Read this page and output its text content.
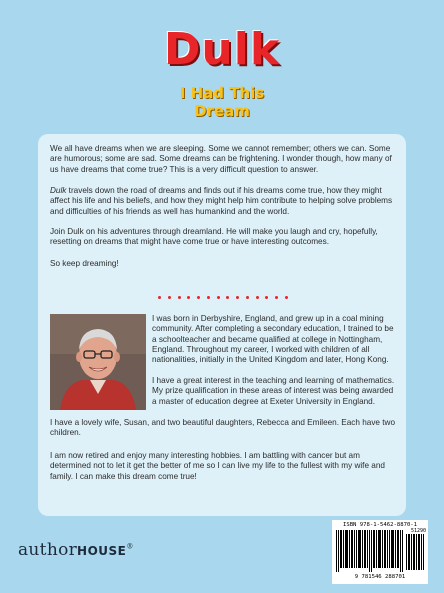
Dulk
I Had This
Dream

We all have dreams when we are sleeping. Some we cannot remember; others we can. Some are humorous; some are sad. Some dreams can be frightening. I wonder though, how many of us have dreams that come true? This is a very difficult question to answer.

Dulk travels down the road of dreams and finds out if his dreams come true, how they might affect his life and his beliefs, and how they might help him contribute to helping solve problems and difficulties of his friends as well has humankind and the world.

Join Dulk on his adventures through dreamland. He will make you laugh and cry, hopefully, resetting on dreams that might have come true or have interesting outcomes.

So keep dreaming!

I was born in Derbyshire, England, and grew up in a coal mining community. After completing a secondary education, I trained to be a schoolteacher and became qualified at college in Nottingham, England. Throughout my career, I worked with children of all nationalities, initially in the United Kingdom and later, Hong Kong.

I have a great interest in the teaching and learning of mathematics. My prize qualification in these areas of interest was being awarded a master of education degree at Exeter University in England.

I have a lovely wife, Susan, and two beautiful daughters, Rebecca and Emileen. Each have two children.

I am now retired and enjoy many interesting hobbies. I am battling with cancer but am determined not to let it get the better of me so I can live my life to the fullest with my wife and family. I can make this dream come true!

authorHOUSE®
ISBN 978-1-5462-8870-1
51290
9 781546 288701
